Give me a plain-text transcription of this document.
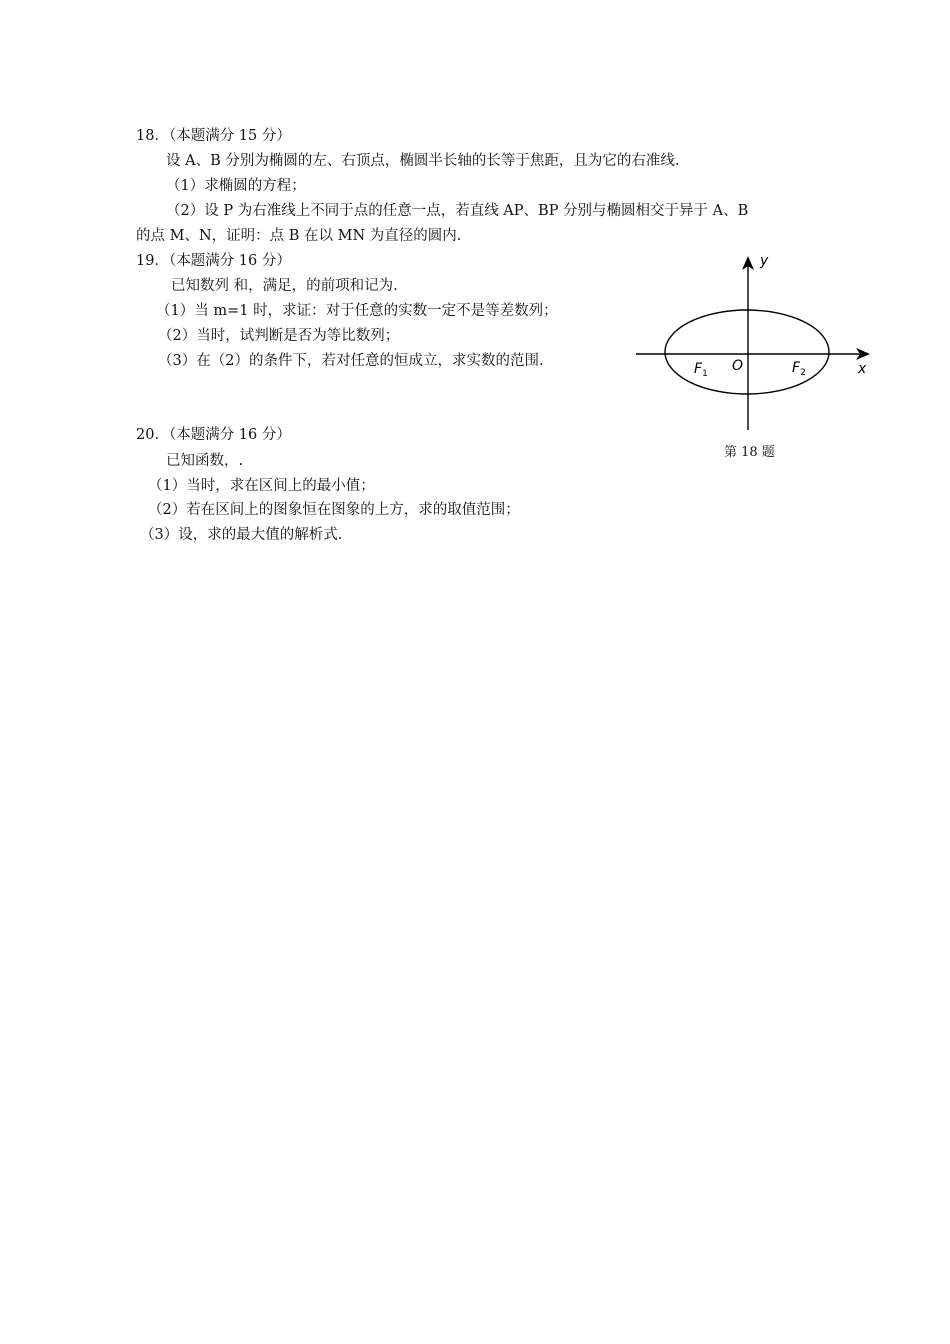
18．（本题满分 15 分）
设 A、B 分别为椭圆的左、右顶点，椭圆半长轴的长等于焦距，且为它的右准线.
（1）求椭圆的方程；
（2）设 P 为右准线上不同于点的任意一点，若直线 AP、BP 分别与椭圆相交于异于 A、B
的点 M、N，证明：点 B 在以 MN 为直径的圆内.
19．（本题满分 16 分）
已知数列 和，满足，的前项和记为.
（1）当 m=1 时，求证：对于任意的实数一定不是等差数列；
（2）当时，试判断是否为等比数列；
（3）在（2）的条件下，若对任意的恒成立，求实数的范围.
20．（本题满分 16 分）
已知函数，.
（1）当时，求在区间上的最小值；
（2）若在区间上的图象恒在图象的上方，求的取值范围；
（3）设，求的最大值的解析式.
y
x
O
$F_1$	$F_2$
第 18 题
